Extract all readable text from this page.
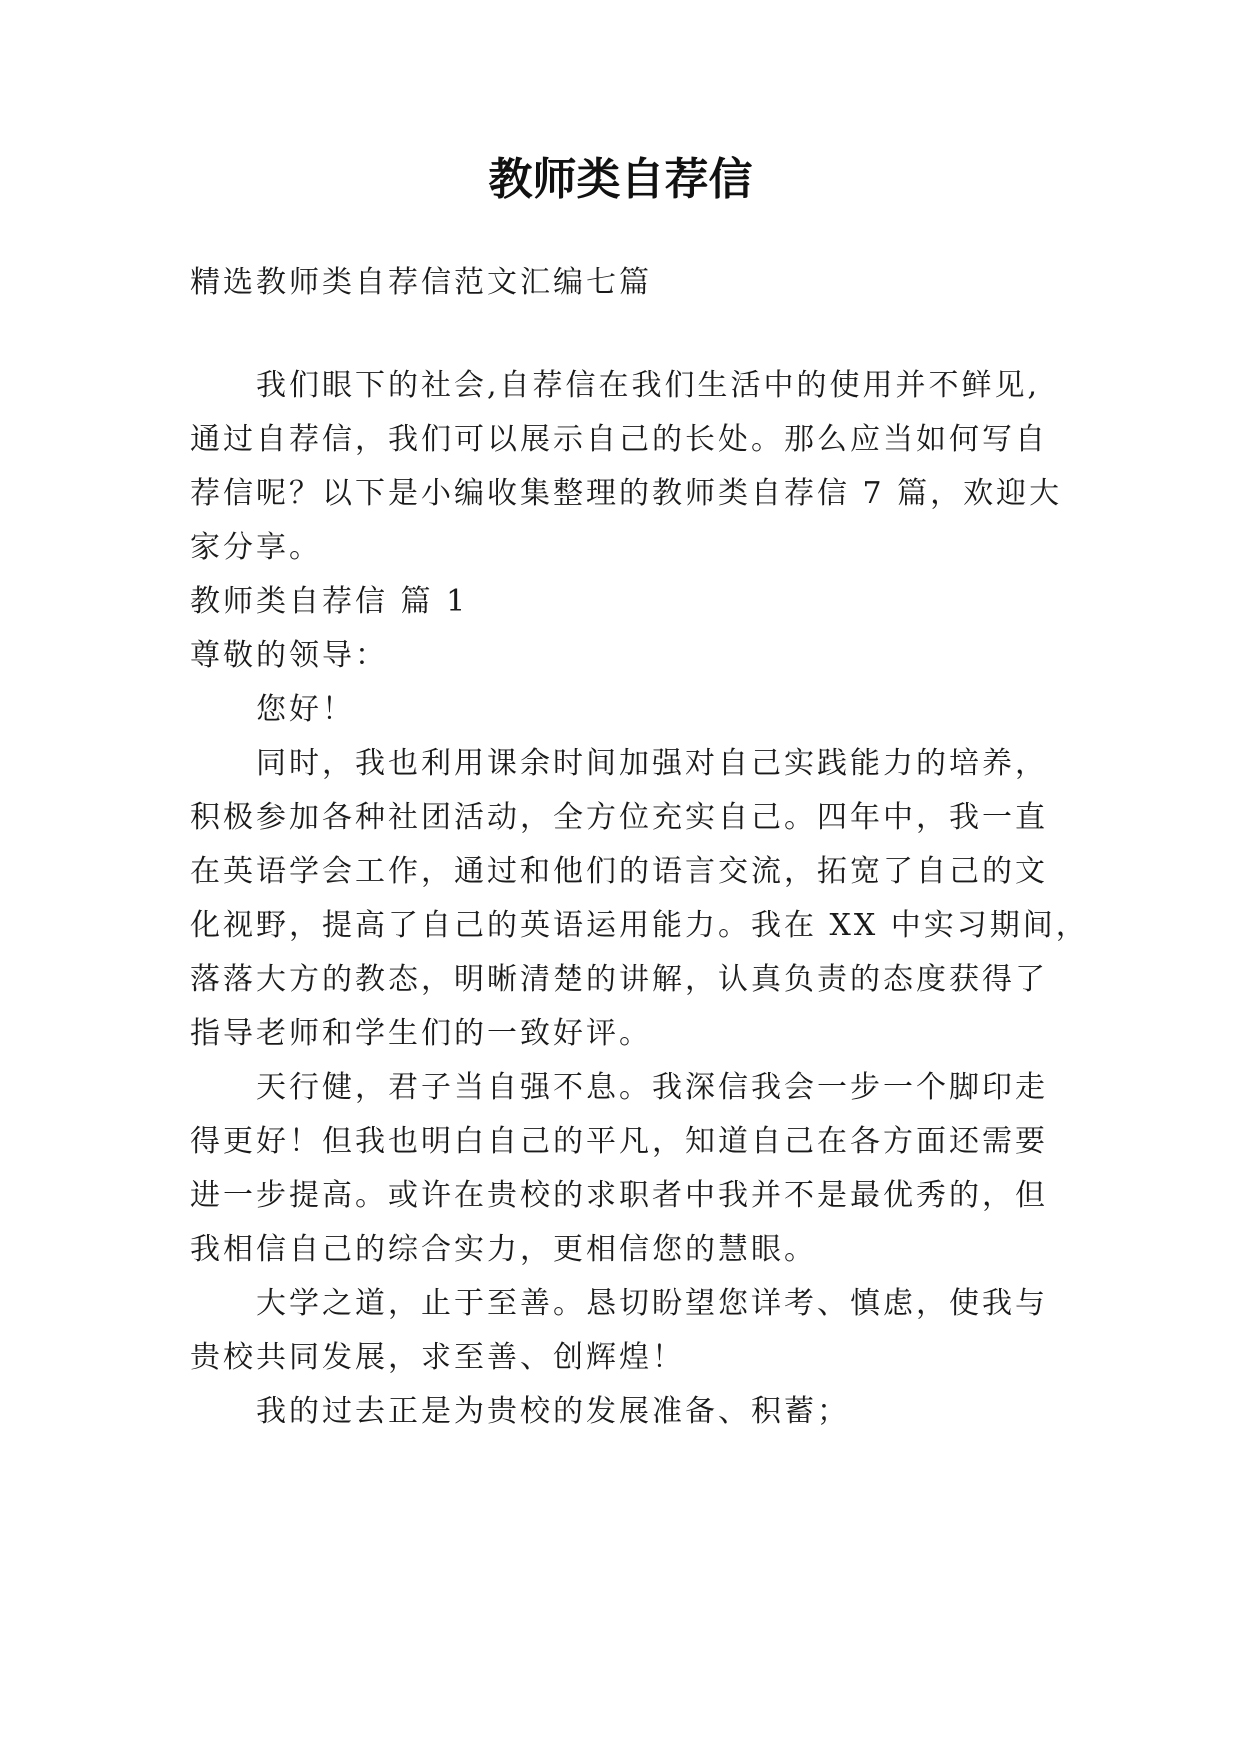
教师类自荐信
精选教师类自荐信范文汇编七篇
我们眼下的社会,自荐信在我们生活中的使用并不鲜见,
通过自荐信，我们可以展示自己的长处。那么应当如何写自
荐信呢？以下是小编收集整理的教师类自荐信 7 篇，欢迎大
家分享。
教师类自荐信 篇 1
尊敬的领导：
您好！
同时，我也利用课余时间加强对自己实践能力的培养，
积极参加各种社团活动，全方位充实自己。四年中，我一直
在英语学会工作，通过和他们的语言交流，拓宽了自己的文
化视野，提高了自己的英语运用能力。我在 XX 中实习期间，
落落大方的教态，明晰清楚的讲解，认真负责的态度获得了
指导老师和学生们的一致好评。
天行健，君子当自强不息。我深信我会一步一个脚印走
得更好！但我也明白自己的平凡，知道自己在各方面还需要
进一步提高。或许在贵校的求职者中我并不是最优秀的，但
我相信自己的综合实力，更相信您的慧眼。
大学之道，止于至善。恳切盼望您详考、慎虑，使我与
贵校共同发展，求至善、创辉煌！
我的过去正是为贵校的发展准备、积蓄；
